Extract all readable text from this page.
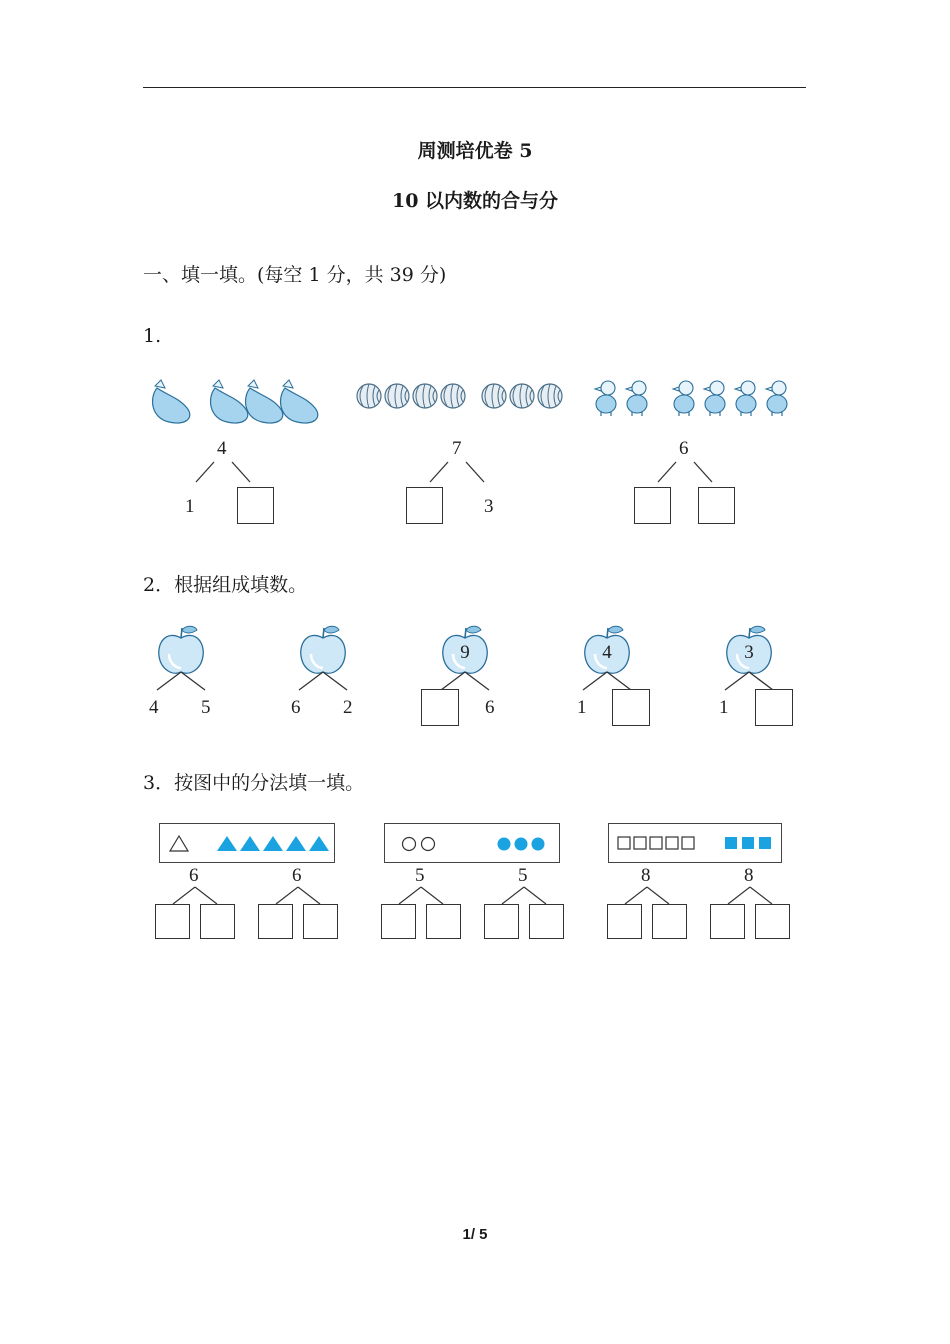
周测培优卷 5
10 以内数的合与分
一、填一填。(每空 1 分，共 39 分)
1.
4
1
7
3
6
2．根据组成填数。
9	4	3
4 5	6 2	6	1	1
3．按图中的分法填一填。
6	6	5	5	8	8
1/ 5
